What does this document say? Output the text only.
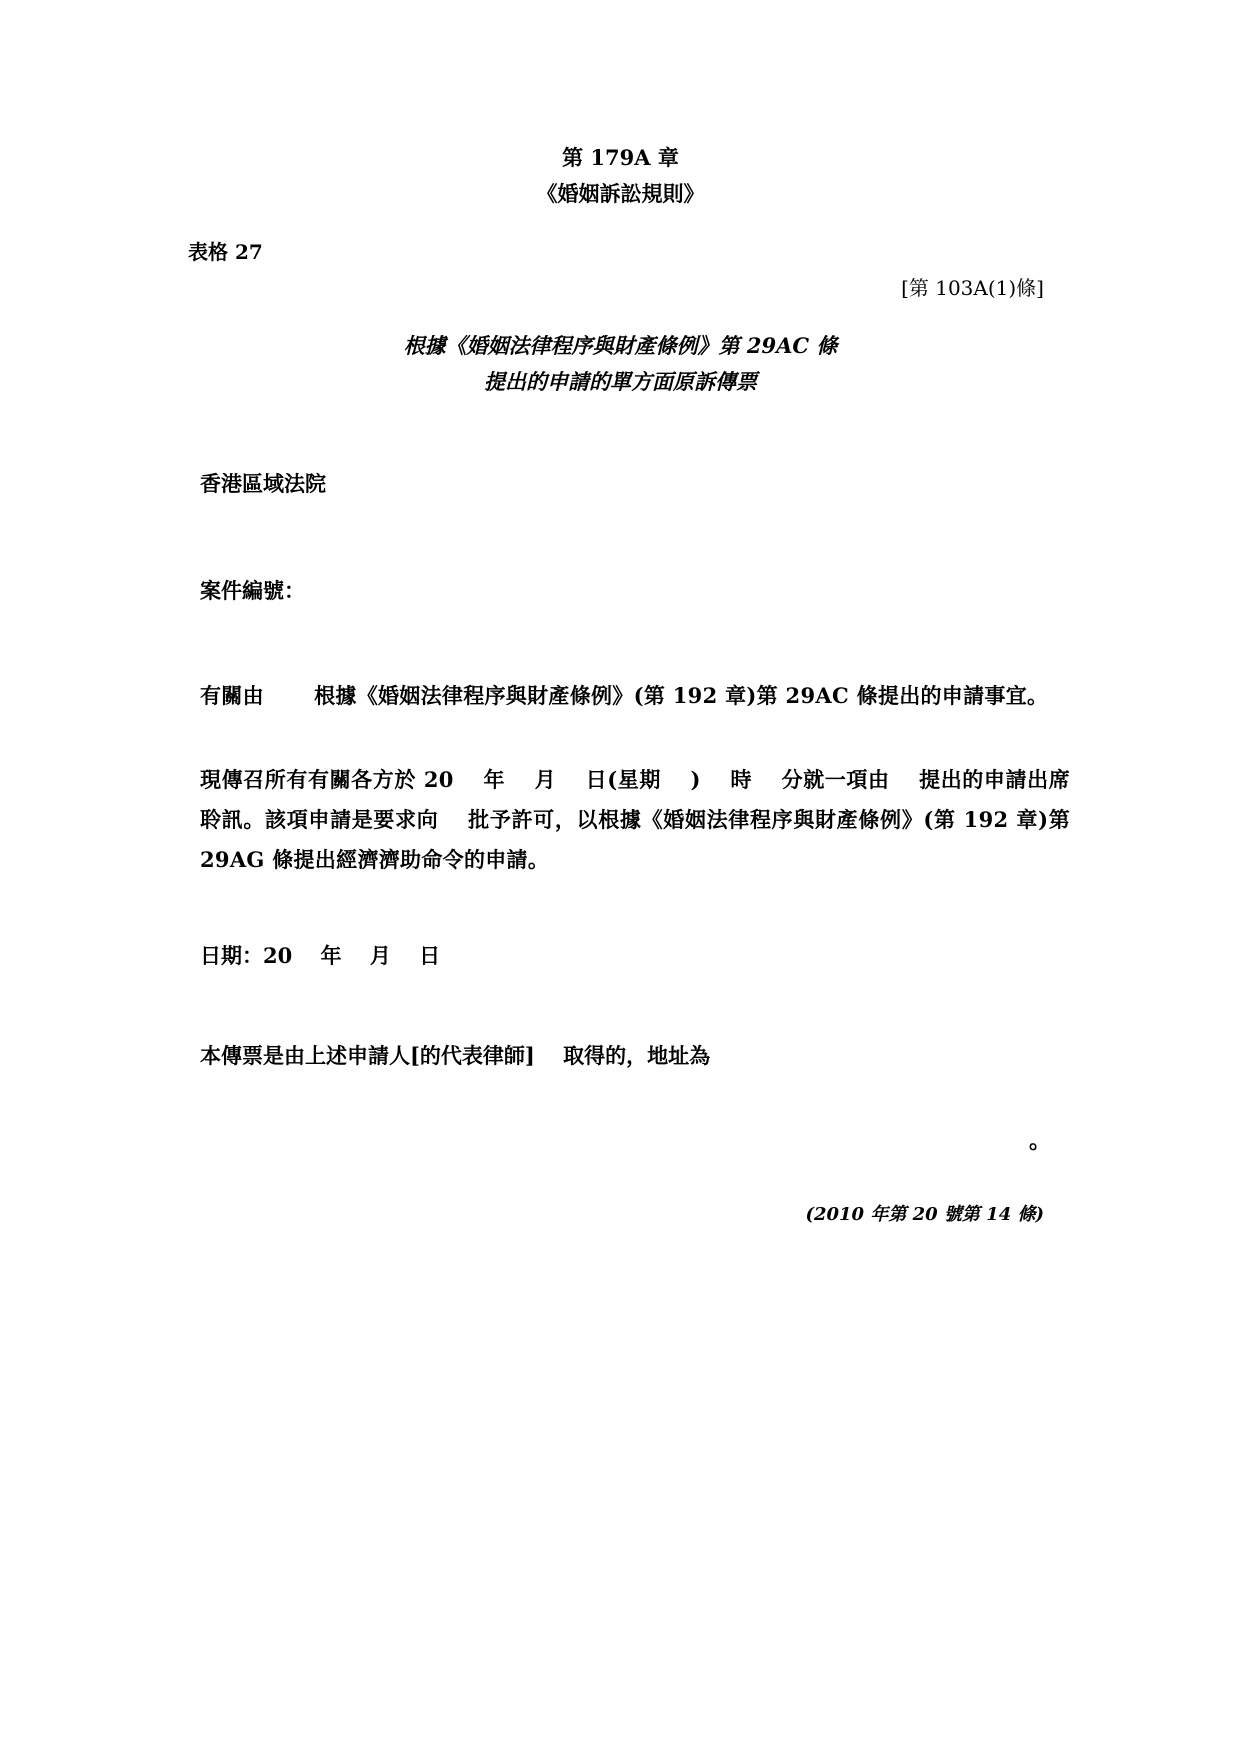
第 179A 章
《婚姻訴訟規則》
表格 27
[第 103A(1)條]
根據《婚姻法律程序與財產條例》第 29AC 條
提出的申請的單方面原訴傳票
香港區域法院
案件編號：
有關由　　 根據《婚姻法律程序與財產條例》(第 192 章)第 29AC 條提出的申請事宜。
現傳召所有有關各方於 20　 年　 月　 日(星期　 )　 時　 分就一項由　 提出的申請出席聆訊。該項申請是要求向　 批予許可，以根據《婚姻法律程序與財產條例》(第 192 章)第 29AG 條提出經濟濟助命令的申請。
日期：20　 年　 月　 日
本傳票是由上述申請人[的代表律師]　 取得的，地址為
。
(2010 年第 20 號第 14 條)
